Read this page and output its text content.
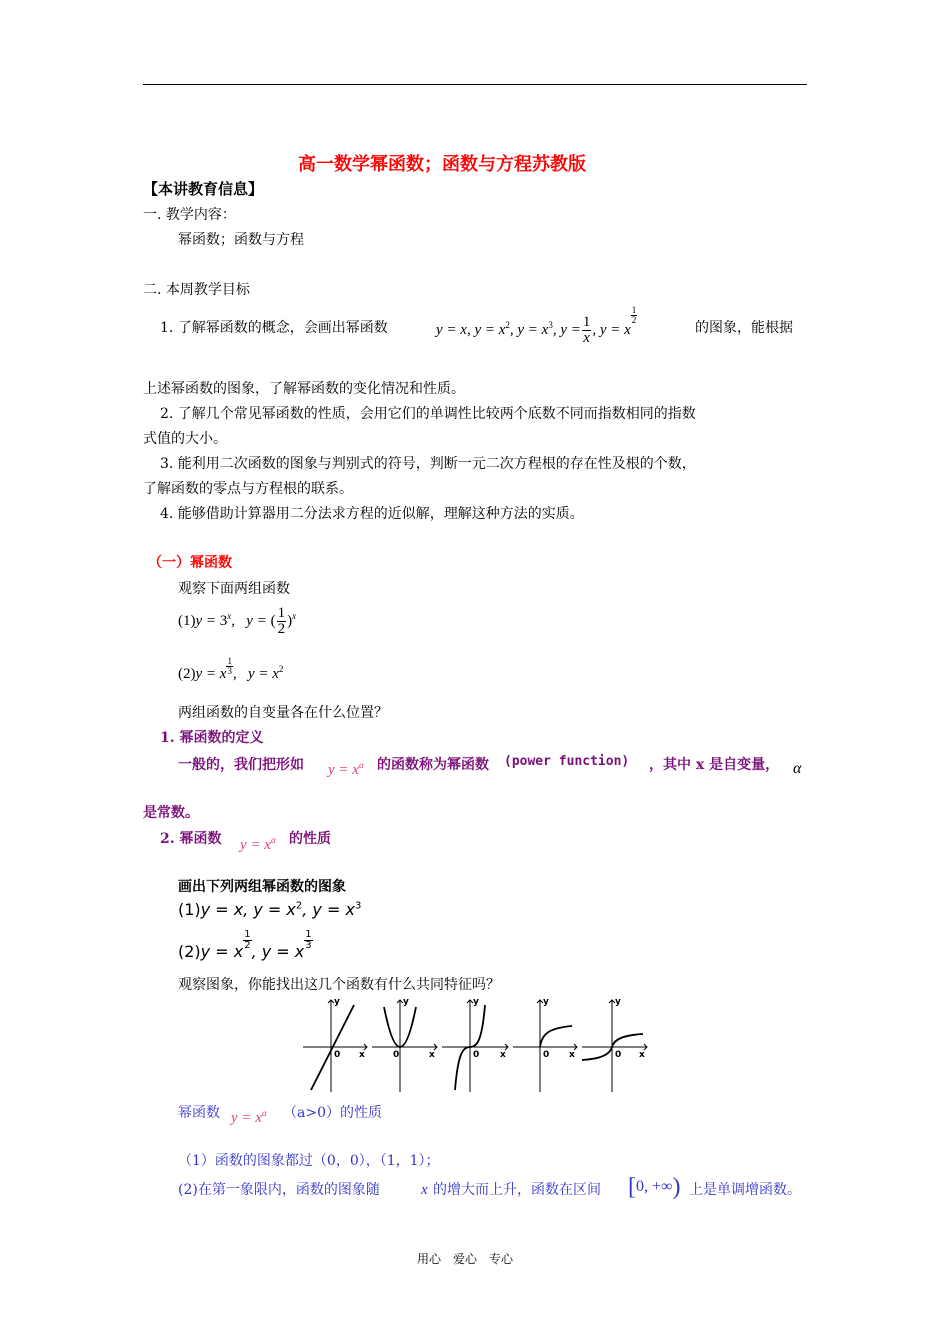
高一数学幂函数；函数与方程苏教版
【本讲教育信息】
一. 教学内容：
幂函数；函数与方程
二. 本周教学目标
1. 了解幂函数的概念，会画出幂函数	y = x, $y = x^2$, $y = x^3$, $y = \frac{1}{x}$ , y = x
$\frac{1}{2}$
的图象，能根据
上述幂函数的图象，了解幂函数的变化情况和性质。
2. 了解几个常见幂函数的性质，会用它们的单调性比较两个底数不同而指数相同的指数
式值的大小。
3. 能利用二次函数的图象与判别式的符号，判断一元二次方程根的存在性及根的个数，
了解函数的零点与方程根的联系。
4. 能够借助计算器用二分法求方程的近似解，理解这种方法的实质。
（一）幂函数
观察下面两组函数
$(1)y = 3^x$,   y = ( $\frac{1}{2} )^x$
(2)y = x $\frac{1}{3}$ ,   $y = x^2$
两组函数的自变量各在什么位置？
1. 幂函数的定义
一般的，我们把形如 $y = x^\alpha$ 的函数称为幂函数 (power function) ，其中 x 是自变量， α
是常数。
2. 幂函数 $y = x^\alpha$ 的性质
画出下列两组幂函数的图象
(1)y = x, $y = x^2$, $y = x^3$
(2)y = x
$\frac{1}{2}$
, y = x
$\frac{1}{3}$
观察图象，你能找出这几个函数有什么共同特征吗？
y
0 x
y
0	x
y
0 x
y
0 x
y
0 x
幂函数 $y = x^\alpha$ （a>0）的性质
（1）函数的图象都过（0，0），（1，1）；
(2)在第一象限内，函数的图象随	x 的增大而上升，函数在区间 [0, +∞) 上是单调增函数。
用心　爱心　专心
